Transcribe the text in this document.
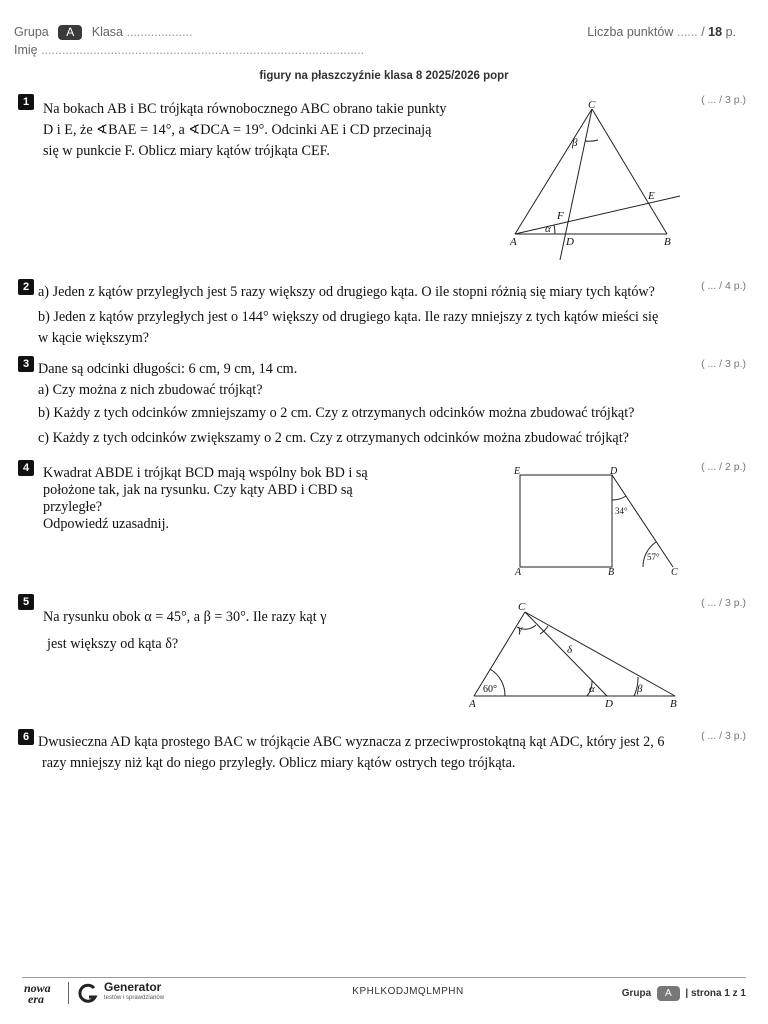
Grupa A Klasa ...................
Imię .............................................................................................
Liczba punktów ...... / 18 p.
figury na płaszczyźnie klasa 8 2025/2026 popr
1	( ... / 3 p.)
Na bokach AB i BC trójkąta równobocznego ABC obrano takie punkty
D i E, że ∢BAE = 14°, a ∢DCA = 19°. Odcinki AE i CD przecinają
się w punkcie F. Oblicz miary kątów trójkąta CEF.
C
β
E
F
α
A	D	B
2	( ... / 4 p.)
a) Jeden z kątów przyległych jest 5 razy większy od drugiego kąta. O ile stopni różnią się miary tych kątów?
b) Jeden z kątów przyległych jest o 144° większy od drugiego kąta. Ile razy mniejszy z tych kątów mieści się
w kącie większym?
3	( ... / 3 p.)
Dane są odcinki długości: 6 cm, 9 cm, 14 cm.
a) Czy można z nich zbudować trójkąt?
b) Każdy z tych odcinków zmniejszamy o 2 cm. Czy z otrzymanych odcinków można zbudować trójkąt?
c) Każdy z tych odcinków zwiększamy o 2 cm. Czy z otrzymanych odcinków można zbudować trójkąt?
4	( ... / 2 p.)
Kwadrat ABDE i trójkąt BCD mają wspólny bok BD i są
położone tak, jak na rysunku. Czy kąty ABD i CBD są
przyległe?
Odpowiedź uzasadnij.
E	D
34°
57°
A	B	C
5	( ... / 3 p.)
Na rysunku obok α = 45°, a β = 30°. Ile razy kąt γ
jest większy od kąta δ?
C
γ
δ
60°	α	β
A	D	B
6	( ... / 3 p.)
Dwusieczna AD kąta prostego BAC w trójkącie ABC wyznacza z przeciwprostokątną kąt ADC, który jest 2, 6
razy mniejszy niż kąt do niego przyległy. Oblicz miary kątów ostrych tego trójkąta.
nowa
era
Generator
testów i sprawdzianów
KPHLKODJMQLMPHN	Grupa A | strona 1 z 1
